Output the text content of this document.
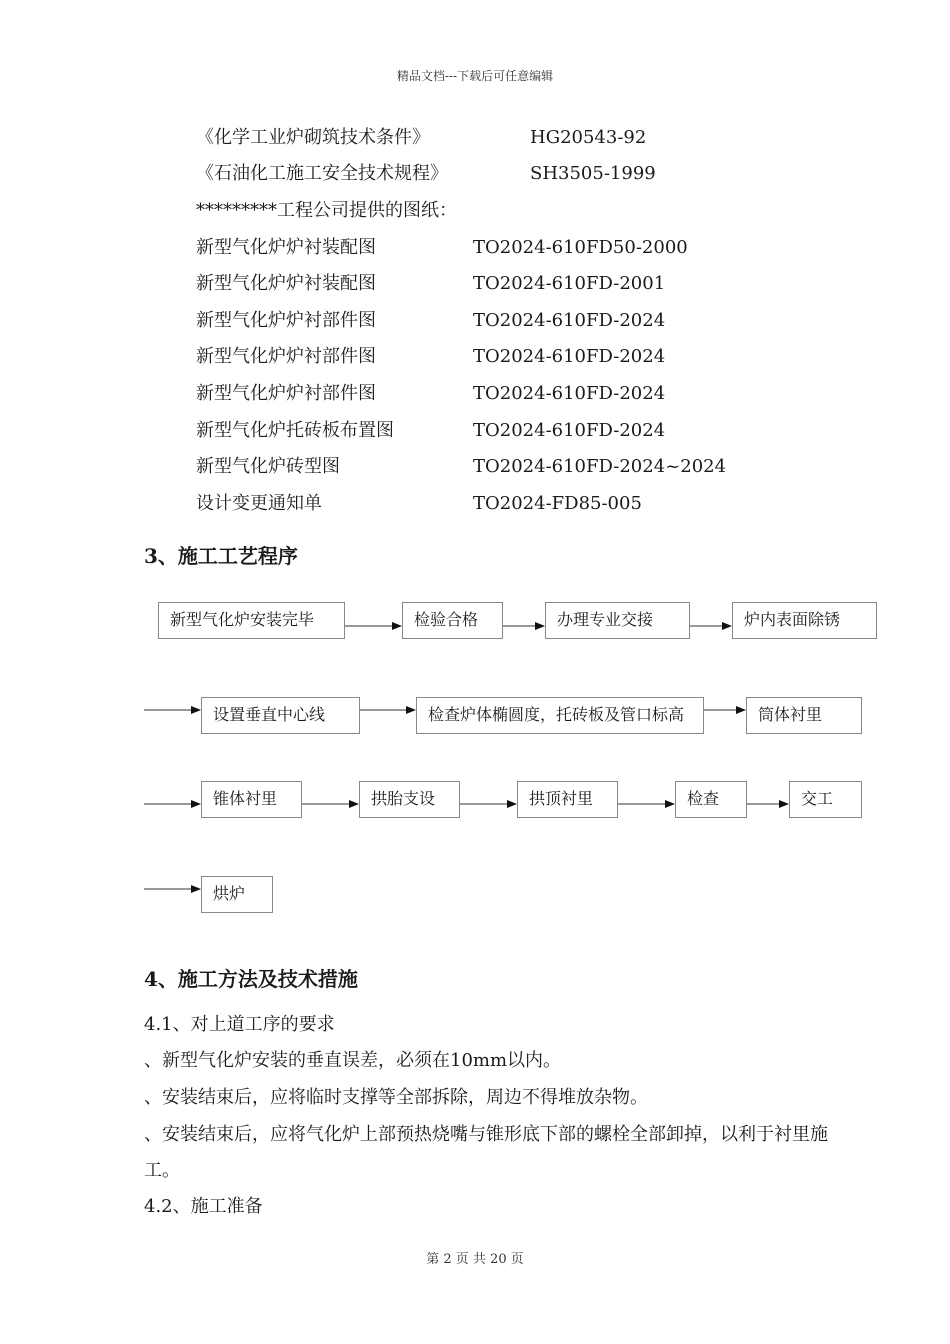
精品文档---下载后可任意编辑
《化学工业炉砌筑技术条件》	HG20543-92
《石油化工施工安全技术规程》	SH3505-1999
*********工程公司提供的图纸：
新型气化炉炉衬装配图	TO2024-610FD50-2000
新型气化炉炉衬装配图	TO2024-610FD-2001
新型气化炉炉衬部件图	TO2024-610FD-2024
新型气化炉炉衬部件图	TO2024-610FD-2024
新型气化炉炉衬部件图	TO2024-610FD-2024
新型气化炉托砖板布置图	TO2024-610FD-2024
新型气化炉砖型图	TO2024-610FD-2024~2024
设计变更通知单	TO2024-FD85-005
3、施工工艺程序
新型气化炉安装完毕	检验合格	办理专业交接	炉内表面除锈
设置垂直中心线	检查炉体椭圆度，托砖板及管口标高	筒体衬里
锥体衬里	拱胎支设	拱顶衬里	检查	交工
烘炉
4、施工方法及技术措施
4.1、对上道工序的要求
、新型气化炉安装的垂直误差，必须在10mm以内。
、安装结束后，应将临时支撑等全部拆除，周边不得堆放杂物。
、安装结束后，应将气化炉上部预热烧嘴与锥形底下部的螺栓全部卸掉，以利于衬里施
工。
4.2、施工准备
第 2 页 共 20 页
